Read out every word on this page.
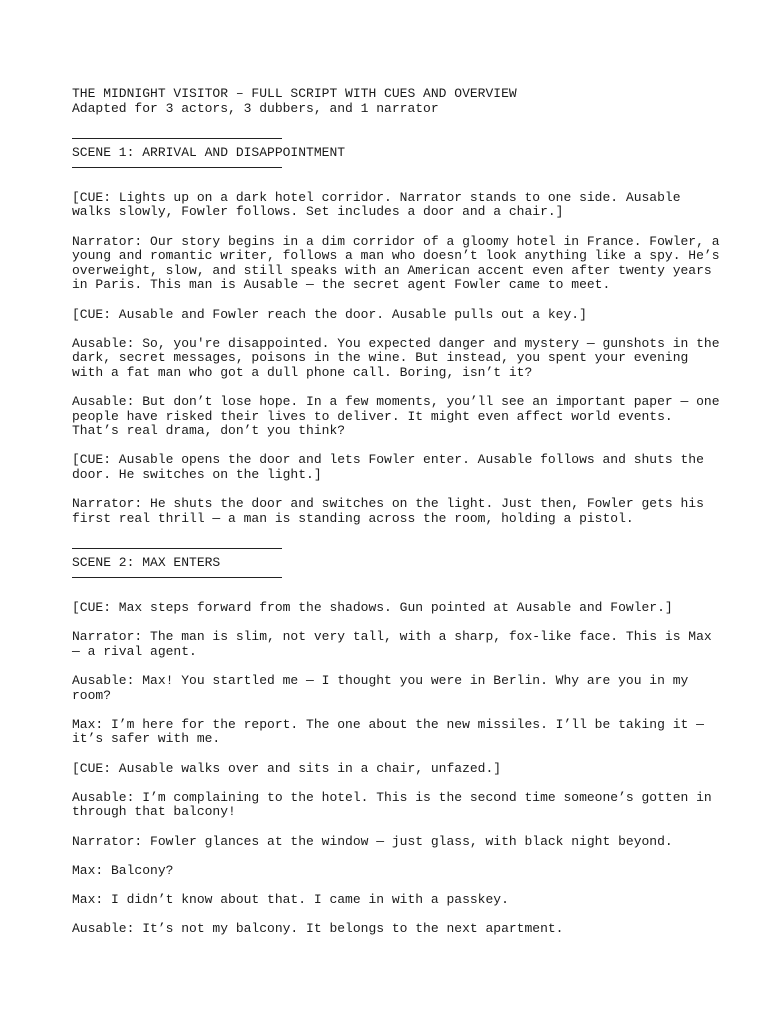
THE MIDNIGHT VISITOR – FULL SCRIPT WITH CUES AND OVERVIEW
Adapted for 3 actors, 3 dubbers, and 1 narrator
SCENE 1: ARRIVAL AND DISAPPOINTMENT
[CUE: Lights up on a dark hotel corridor. Narrator stands to one side. Ausable
walks slowly, Fowler follows. Set includes a door and a chair.]
Narrator: Our story begins in a dim corridor of a gloomy hotel in France. Fowler, a
young and romantic writer, follows a man who doesn’t look anything like a spy. He’s
overweight, slow, and still speaks with an American accent even after twenty years
in Paris. This man is Ausable — the secret agent Fowler came to meet.
[CUE: Ausable and Fowler reach the door. Ausable pulls out a key.]
Ausable: So, you're disappointed. You expected danger and mystery — gunshots in the
dark, secret messages, poisons in the wine. But instead, you spent your evening
with a fat man who got a dull phone call. Boring, isn’t it?
Ausable: But don’t lose hope. In a few moments, you’ll see an important paper — one
people have risked their lives to deliver. It might even affect world events.
That’s real drama, don’t you think?
[CUE: Ausable opens the door and lets Fowler enter. Ausable follows and shuts the
door. He switches on the light.]
Narrator: He shuts the door and switches on the light. Just then, Fowler gets his
first real thrill — a man is standing across the room, holding a pistol.
SCENE 2: MAX ENTERS
[CUE: Max steps forward from the shadows. Gun pointed at Ausable and Fowler.]
Narrator: The man is slim, not very tall, with a sharp, fox-like face. This is Max
— a rival agent.
Ausable: Max! You startled me — I thought you were in Berlin. Why are you in my
room?
Max: I’m here for the report. The one about the new missiles. I’ll be taking it —
it’s safer with me.
[CUE: Ausable walks over and sits in a chair, unfazed.]
Ausable: I’m complaining to the hotel. This is the second time someone’s gotten in
through that balcony!
Narrator: Fowler glances at the window — just glass, with black night beyond.
Max: Balcony?
Max: I didn’t know about that. I came in with a passkey.
Ausable: It’s not my balcony. It belongs to the next apartment.
